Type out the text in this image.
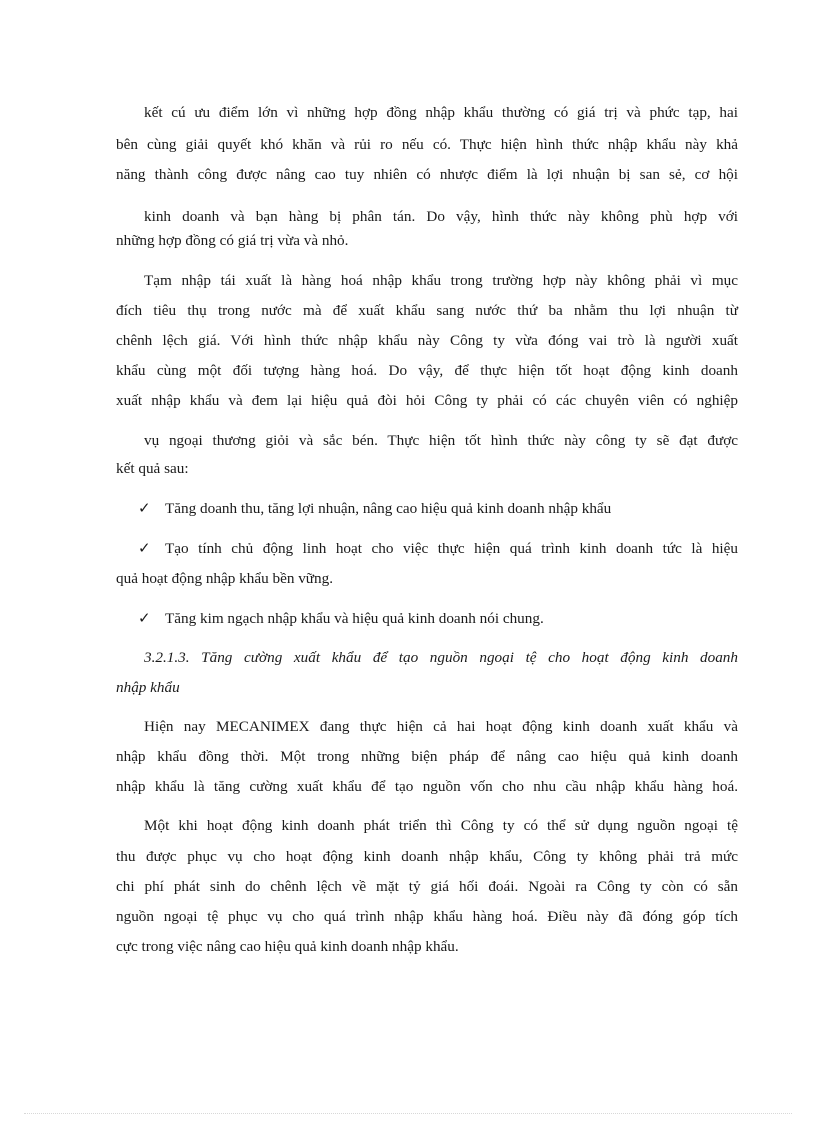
kết cú ưu điểm lớn vì những hợp đồng nhập khẩu thường có giá trị và phức tạp, hai
bên cùng giải quyết khó khăn và rủi ro nếu có. Thực hiện hình thức nhập khẩu này khả
năng thành công được nâng cao tuy nhiên có nhược điểm là lợi nhuận bị san sẻ, cơ hội
kinh doanh và bạn hàng bị phân tán. Do vậy, hình thức này không phù hợp với
những hợp đồng có giá trị vừa và nhỏ.
Tạm nhập tái xuất là hàng hoá nhập khẩu trong trường hợp này không phải vì mục
đích tiêu thụ trong nước mà để xuất khẩu sang nước thứ ba nhằm thu lợi nhuận từ
chênh lệch giá. Với hình thức nhập khẩu này Công ty vừa đóng vai trò là người xuất
khẩu cùng một đối tượng hàng hoá. Do vậy, để thực hiện tốt hoạt động kinh doanh
xuất nhập khẩu và đem lại hiệu quả đòi hỏi Công ty phải có các chuyên viên có nghiệp
vụ ngoại thương giỏi và sắc bén. Thực hiện tốt hình thức này công ty sẽ đạt được
kết quả sau:
✓ Tăng doanh thu, tăng lợi nhuận, nâng cao hiệu quả kinh doanh nhập khẩu
✓ Tạo tính chủ động linh hoạt cho việc thực hiện quá trình kinh doanh tức là hiệu
quả hoạt động nhập khẩu bền vững.
✓ Tăng kim ngạch nhập khẩu và hiệu quả kinh doanh nói chung.
3.2.1.3. Tăng cường xuất khẩu để tạo nguồn ngoại tệ cho hoạt động kinh doanh
nhập khẩu
Hiện nay MECANIMEX đang thực hiện cả hai hoạt động kinh doanh xuất khẩu và
nhập khẩu đồng thời. Một trong những biện pháp để nâng cao hiệu quả kinh doanh
nhập khẩu là tăng cường xuất khẩu để tạo nguồn vốn cho nhu cầu nhập khẩu hàng hoá.
Một khi hoạt động kinh doanh phát triển thì Công ty có thể sử dụng nguồn ngoại tệ
thu được phục vụ cho hoạt động kinh doanh nhập khẩu, Công ty không phải trả mức
chi phí phát sinh do chênh lệch về mặt tỷ giá hối đoái. Ngoài ra Công ty còn có sẵn
nguồn ngoại tệ phục vụ cho quá trình nhập khẩu hàng hoá. Điều này đã đóng góp tích
cực trong việc nâng cao hiệu quả kinh doanh nhập khẩu.
